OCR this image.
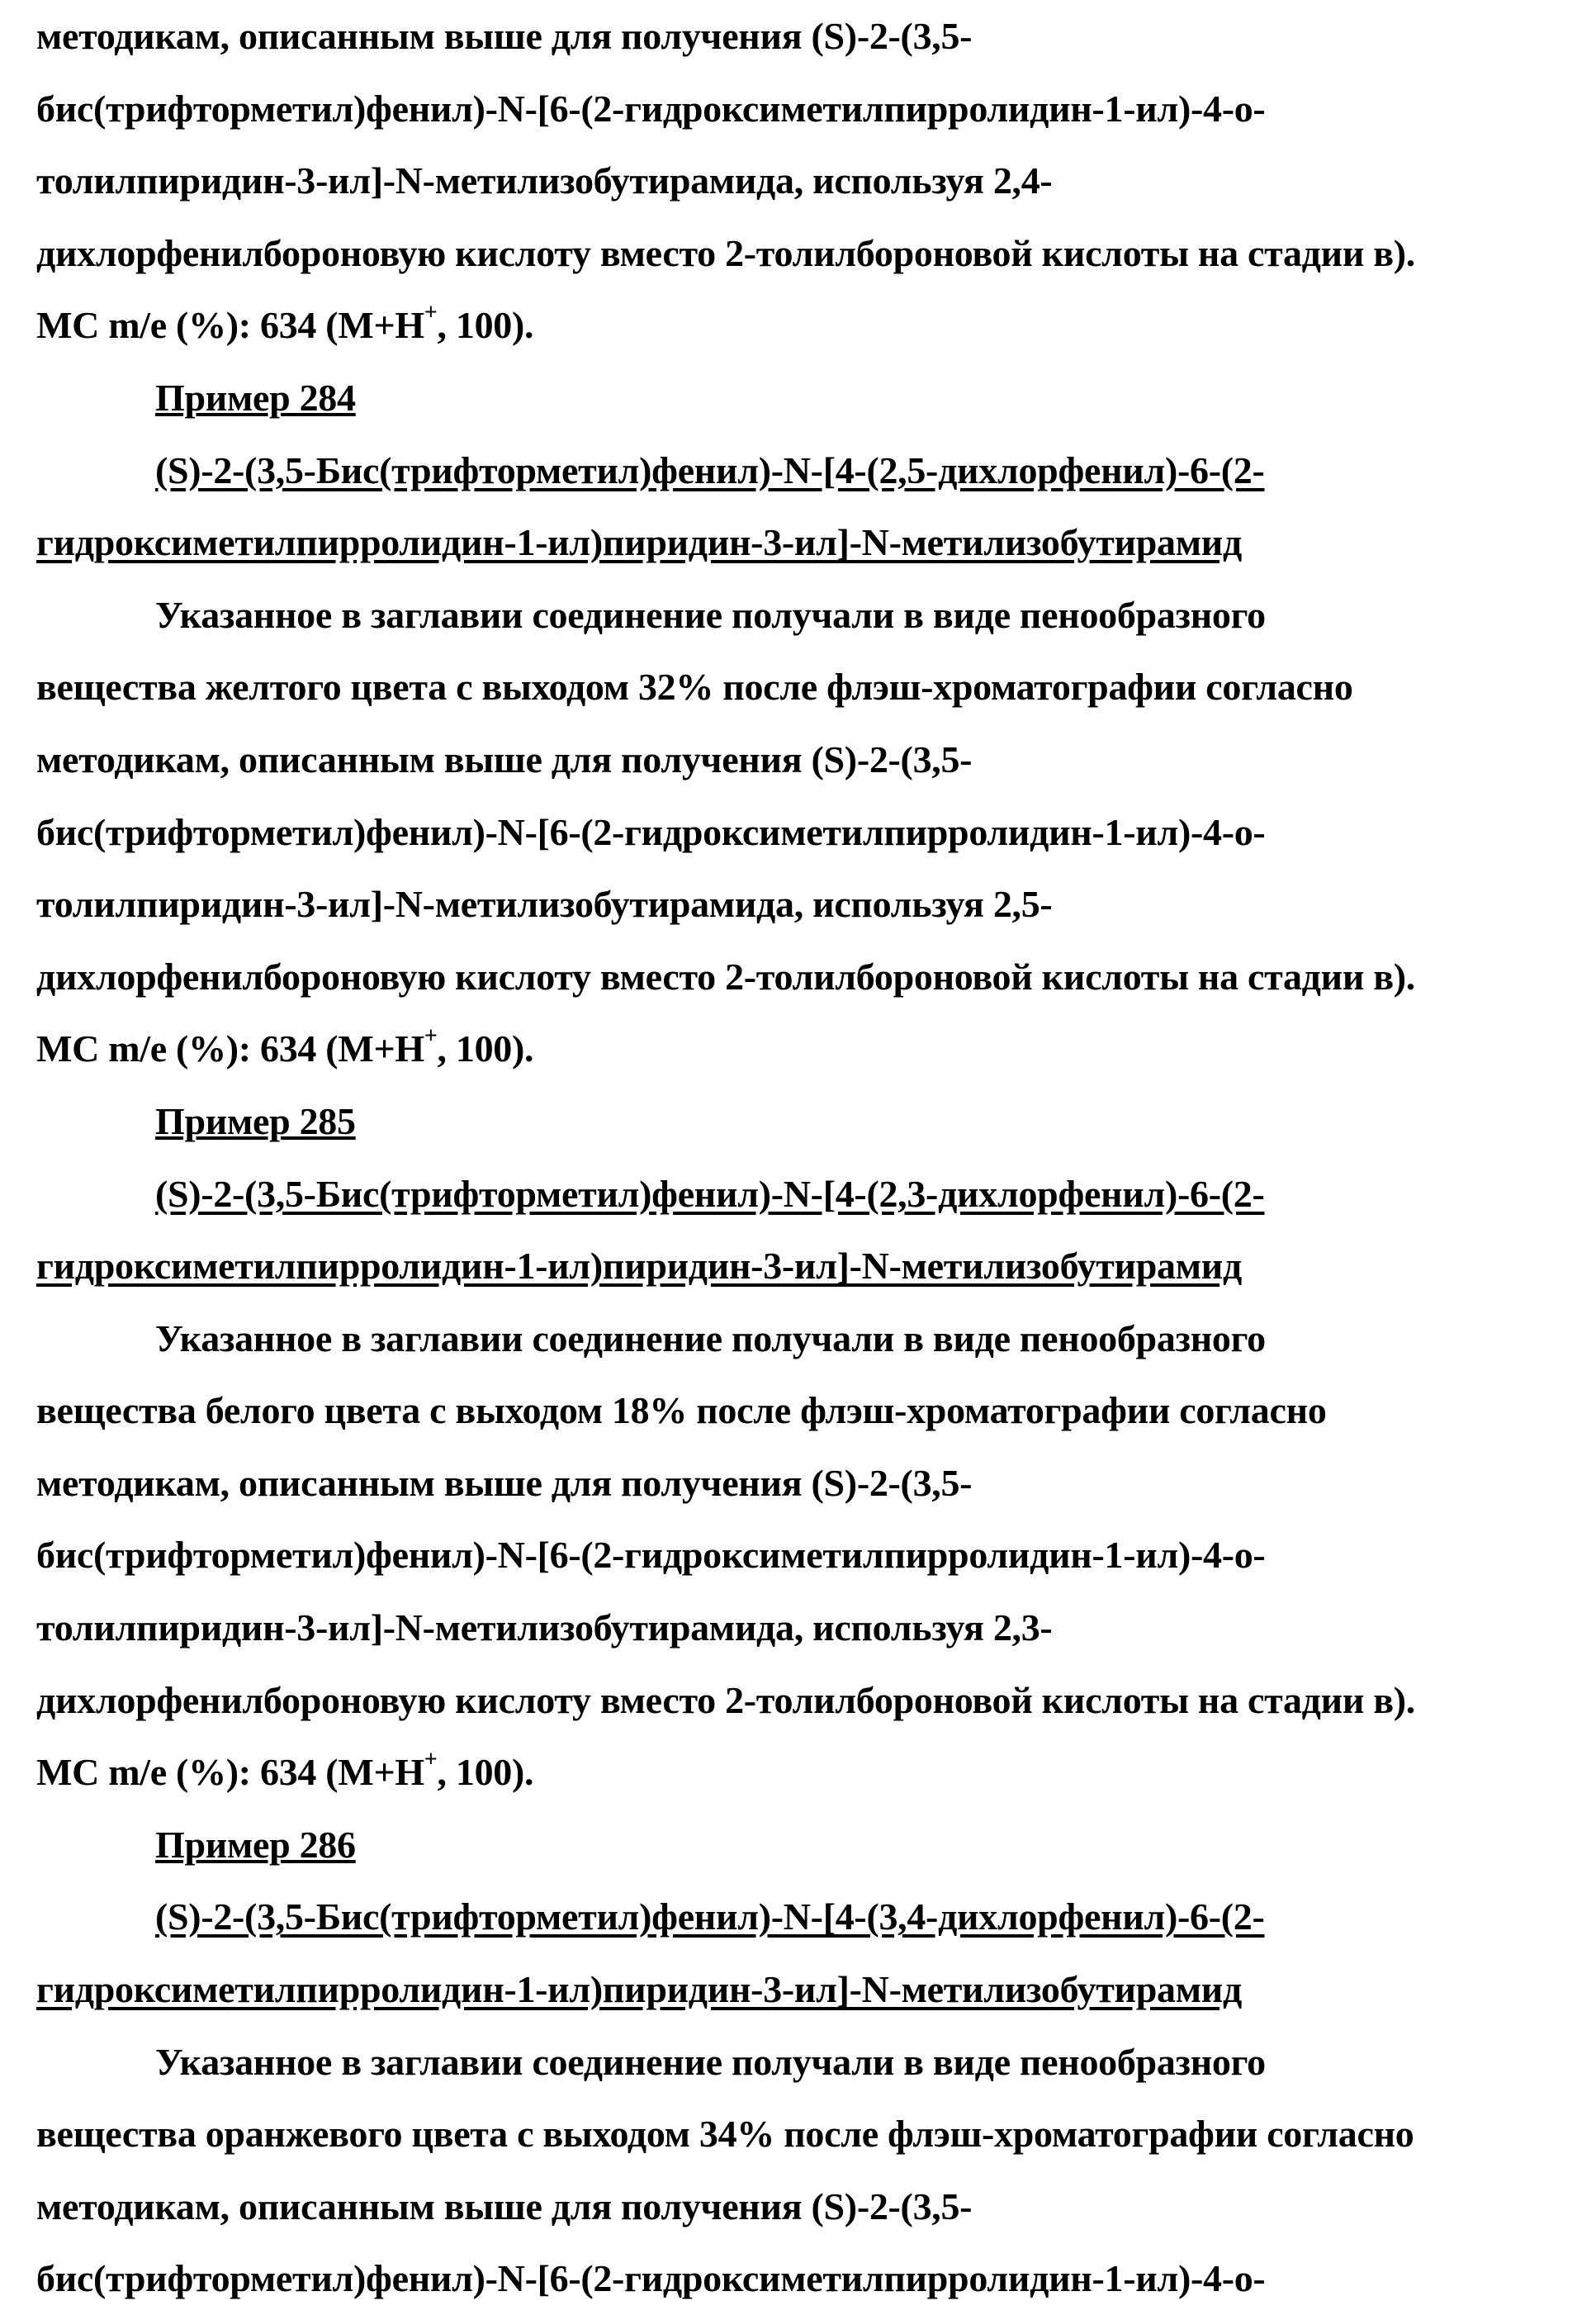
методикам, описанным выше для получения (S)-2-(3,5-
бис(трифторметил)фенил)-N-[6-(2-гидроксиметилпирролидин-1-ил)-4-о-
толилпиридин-3-ил]-N-метилизобутирамида, используя 2,4-
дихлорфенилбороновую кислоту вместо 2-толилбороновой кислоты на стадии в).
МС m/e (%): 634 (М+Н+, 100).
Пример 284
(S)-2-(3,5-Бис(трифторметил)фенил)-N-[4-(2,5-дихлорфенил)-6-(2-
гидроксиметилпирролидин-1-ил)пиридин-3-ил]-N-метилизобутирамид
Указанное в заглавии соединение получали в виде пенообразного
вещества желтого цвета с выходом 32% после флэш-хроматографии согласно
методикам, описанным выше для получения (S)-2-(3,5-
бис(трифторметил)фенил)-N-[6-(2-гидроксиметилпирролидин-1-ил)-4-о-
толилпиридин-3-ил]-N-метилизобутирамида, используя 2,5-
дихлорфенилбороновую кислоту вместо 2-толилбороновой кислоты на стадии в).
МС m/e (%): 634 (М+Н+, 100).
Пример 285
(S)-2-(3,5-Бис(трифторметил)фенил)-N-[4-(2,3-дихлорфенил)-6-(2-
гидроксиметилпирролидин-1-ил)пиридин-3-ил]-N-метилизобутирамид
Указанное в заглавии соединение получали в виде пенообразного
вещества белого цвета с выходом 18% после флэш-хроматографии согласно
методикам, описанным выше для получения (S)-2-(3,5-
бис(трифторметил)фенил)-N-[6-(2-гидроксиметилпирролидин-1-ил)-4-о-
толилпиридин-3-ил]-N-метилизобутирамида, используя 2,3-
дихлорфенилбороновую кислоту вместо 2-толилбороновой кислоты на стадии в).
МС m/e (%): 634 (М+Н+, 100).
Пример 286
(S)-2-(3,5-Бис(трифторметил)фенил)-N-[4-(3,4-дихлорфенил)-6-(2-
гидроксиметилпирролидин-1-ил)пиридин-3-ил]-N-метилизобутирамид
Указанное в заглавии соединение получали в виде пенообразного
вещества оранжевого цвета с выходом 34% после флэш-хроматографии согласно
методикам, описанным выше для получения (S)-2-(3,5-
бис(трифторметил)фенил)-N-[6-(2-гидроксиметилпирролидин-1-ил)-4-о-
